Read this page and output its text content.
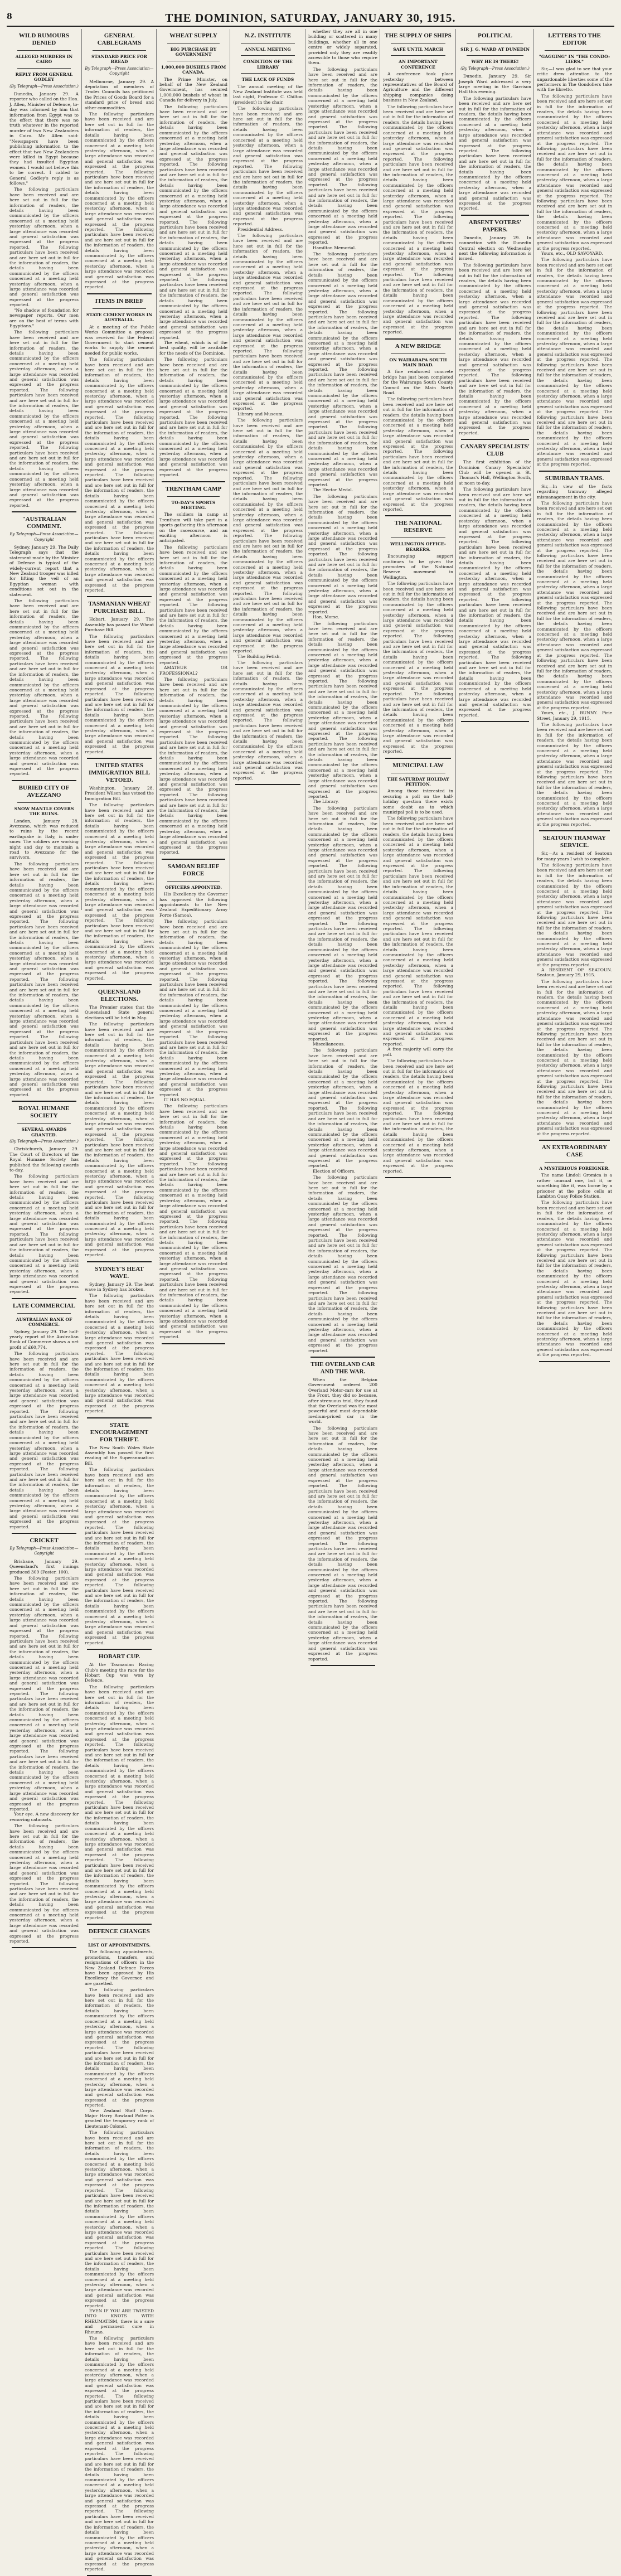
8	THE DOMINION, SATURDAY, JANUARY 30, 1915.
WILD RUMOURS DENIED
ALLEGED MURDERS IN CAIRO
REPLY FROM GENERAL GODLEY
(By Telegraph—Press Association.)

Dunedin, January 29. A reporter who called on the Hon. J. Allen, Minister of Defence, to-day was informed by him that information from Egypt was to the effect that there was no truth whatever in the reported murder of two New Zealanders in Cairo. Mr. Allen said: "Newspapers have been publishing information to the effect that two New Zealanders were killed in Egypt because they had insulted Egyptian women. I would not believe this to be correct. I cabled to General Godley's reply is as follows."

The following particulars have been received and are here set out in full for the information of readers, the details having been communicated by the officers concerned at a meeting held yesterday afternoon, when a large attendance was recorded and general satisfaction was expressed at the progress reported. The following particulars have been received and are here set out in full for the information of readers, the details having been communicated by the officers concerned at a meeting held yesterday afternoon, when a large attendance was recorded and general satisfaction was expressed at the progress reported.

"No shadow of foundation for newspaper reports. Our men are on the best of terms with Egyptians."

The following particulars have been received and are here set out in full for the information of readers, the details having been communicated by the officers concerned at a meeting held yesterday afternoon, when a large attendance was recorded and general satisfaction was expressed at the progress reported. The following particulars have been received and are here set out in full for the information of readers, the details having been communicated by the officers concerned at a meeting held yesterday afternoon, when a large attendance was recorded and general satisfaction was expressed at the progress reported. The following particulars have been received and are here set out in full for the information of readers, the details having been communicated by the officers concerned at a meeting held yesterday afternoon, when a large attendance was recorded and general satisfaction was expressed at the progress reported.

"AUSTRALIAN COMMENT.
By Telegraph—Press Association—Copyright

Sydney, January 29. The Daily Telegraph says that the statement made by the Minister of Defence is typical of the widely-current report that a New Zealand trooper was killed for lifting the veil of an Egyptian woman with conditions set out in the statement.

The following particulars have been received and are here set out in full for the information of readers, the details having been communicated by the officers concerned at a meeting held yesterday afternoon, when a large attendance was recorded and general satisfaction was expressed at the progress reported. The following particulars have been received and are here set out in full for the information of readers, the details having been communicated by the officers concerned at a meeting held yesterday afternoon, when a large attendance was recorded and general satisfaction was expressed at the progress reported. The following particulars have been received and are here set out in full for the information of readers, the details having been communicated by the officers concerned at a meeting held yesterday afternoon, when a large attendance was recorded and general satisfaction was expressed at the progress reported.

BURIED CITY OF AVEZZANO
SNOW MANTLE COVERS THE RUINS.

London, January 28. Avezzano, which was reduced to ruins by the recent earthquake in Italy, is under snow. The soldiers are working night and day to maintain a road to Avezzano for the survivors.

The following particulars have been received and are here set out in full for the information of readers, the details having been communicated by the officers concerned at a meeting held yesterday afternoon, when a large attendance was recorded and general satisfaction was expressed at the progress reported. The following particulars have been received and are here set out in full for the information of readers, the details having been communicated by the officers concerned at a meeting held yesterday afternoon, when a large attendance was recorded and general satisfaction was expressed at the progress reported. The following particulars have been received and are here set out in full for the information of readers, the details having been communicated by the officers concerned at a meeting held yesterday afternoon, when a large attendance was recorded and general satisfaction was expressed at the progress reported. The following particulars have been received and are here set out in full for the information of readers, the details having been communicated by the officers concerned at a meeting held yesterday afternoon, when a large attendance was recorded and general satisfaction was expressed at the progress reported.

ROYAL HUMANE SOCIETY
SEVERAL AWARDS GRANTED.
(By Telegraph—Press Association.)

Christchurch, January 29. The Court of Directors of the Royal Humane Society has published the following awards to-day.

The following particulars have been received and are here set out in full for the information of readers, the details having been communicated by the officers concerned at a meeting held yesterday afternoon, when a large attendance was recorded and general satisfaction was expressed at the progress reported. The following particulars have been received and are here set out in full for the information of readers, the details having been communicated by the officers concerned at a meeting held yesterday afternoon, when a large attendance was recorded and general satisfaction was expressed at the progress reported.

LATE COMMERCIAL
AUSTRALIAN BANK OF COMMERCE.

Sydney, January 29. The half-yearly report of the Australian Bank of Commerce shows a net profit of £60,774.

The following particulars have been received and are here set out in full for the information of readers, the details having been communicated by the officers concerned at a meeting held yesterday afternoon, when a large attendance was recorded and general satisfaction was expressed at the progress reported. The following particulars have been received and are here set out in full for the information of readers, the details having been communicated by the officers concerned at a meeting held yesterday afternoon, when a large attendance was recorded and general satisfaction was expressed at the progress reported. The following particulars have been received and are here set out in full for the information of readers, the details having been communicated by the officers concerned at a meeting held yesterday afternoon, when a large attendance was recorded and general satisfaction was expressed at the progress reported.

CRICKET
By Telegraph—Press Association—Copyright

Brisbane, January 29. Queensland's first innings produced 309 (Foster, 100).

The following particulars have been received and are here set out in full for the information of readers, the details having been communicated by the officers concerned at a meeting held yesterday afternoon, when a large attendance was recorded and general satisfaction was expressed at the progress reported. The following particulars have been received and are here set out in full for the information of readers, the details having been communicated by the officers concerned at a meeting held yesterday afternoon, when a large attendance was recorded and general satisfaction was expressed at the progress reported. The following particulars have been received and are here set out in full for the information of readers, the details having been communicated by the officers concerned at a meeting held yesterday afternoon, when a large attendance was recorded and general satisfaction was expressed at the progress reported. The following particulars have been received and are here set out in full for the information of readers, the details having been communicated by the officers concerned at a meeting held yesterday afternoon, when a large attendance was recorded and general satisfaction was expressed at the progress reported.

Your eye. A new discovery for removing cataracts.

The following particulars have been received and are here set out in full for the information of readers, the details having been communicated by the officers concerned at a meeting held yesterday afternoon, when a large attendance was recorded and general satisfaction was expressed at the progress reported. The following particulars have been received and are here set out in full for the information of readers, the details having been communicated by the officers concerned at a meeting held yesterday afternoon, when a large attendance was recorded and general satisfaction was expressed at the progress reported.

GENERAL CABLEGRAMS
STANDARD PRICE FOR BREAD
By Telegraph—Press Association—Copyright

Melbourne, January 29. A deputation of members of Trades Councils has petitioned the Prices of Goods Board for a standard price of bread and other commodities.

The following particulars have been received and are here set out in full for the information of readers, the details having been communicated by the officers concerned at a meeting held yesterday afternoon, when a large attendance was recorded and general satisfaction was expressed at the progress reported. The following particulars have been received and are here set out in full for the information of readers, the details having been communicated by the officers concerned at a meeting held yesterday afternoon, when a large attendance was recorded and general satisfaction was expressed at the progress reported. The following particulars have been received and are here set out in full for the information of readers, the details having been communicated by the officers concerned at a meeting held yesterday afternoon, when a large attendance was recorded and general satisfaction was expressed at the progress reported.

ITEMS IN BRIEF
STATE CEMENT WORKS IN AUSTRALIA.

At a meeting of the Public Works Committee a proposal was received for the Federal Government to start cement works to supply the cement needed for public works.

The following particulars have been received and are here set out in full for the information of readers, the details having been communicated by the officers concerned at a meeting held yesterday afternoon, when a large attendance was recorded and general satisfaction was expressed at the progress reported. The following particulars have been received and are here set out in full for the information of readers, the details having been communicated by the officers concerned at a meeting held yesterday afternoon, when a large attendance was recorded and general satisfaction was expressed at the progress reported. The following particulars have been received and are here set out in full for the information of readers, the details having been communicated by the officers concerned at a meeting held yesterday afternoon, when a large attendance was recorded and general satisfaction was expressed at the progress reported. The following particulars have been received and are here set out in full for the information of readers, the details having been communicated by the officers concerned at a meeting held yesterday afternoon, when a large attendance was recorded and general satisfaction was expressed at the progress reported.

TASMANIAN WHEAT PURCHASE BILL.

Hobart, January 29. The Assembly has passed the Wheat Purchase Bill.

The following particulars have been received and are here set out in full for the information of readers, the details having been communicated by the officers concerned at a meeting held yesterday afternoon, when a large attendance was recorded and general satisfaction was expressed at the progress reported. The following particulars have been received and are here set out in full for the information of readers, the details having been communicated by the officers concerned at a meeting held yesterday afternoon, when a large attendance was recorded and general satisfaction was expressed at the progress reported.

UNITED STATES IMMIGRATION BILL VETOED.

Washington, January 28. President Wilson has vetoed the Immigration Bill.

The following particulars have been received and are here set out in full for the information of readers, the details having been communicated by the officers concerned at a meeting held yesterday afternoon, when a large attendance was recorded and general satisfaction was expressed at the progress reported. The following particulars have been received and are here set out in full for the information of readers, the details having been communicated by the officers concerned at a meeting held yesterday afternoon, when a large attendance was recorded and general satisfaction was expressed at the progress reported. The following particulars have been received and are here set out in full for the information of readers, the details having been communicated by the officers concerned at a meeting held yesterday afternoon, when a large attendance was recorded and general satisfaction was expressed at the progress reported.

QUEENSLAND ELECTIONS.

The Premier states that the Queensland State general elections will be held in May.

The following particulars have been received and are here set out in full for the information of readers, the details having been communicated by the officers concerned at a meeting held yesterday afternoon, when a large attendance was recorded and general satisfaction was expressed at the progress reported. The following particulars have been received and are here set out in full for the information of readers, the details having been communicated by the officers concerned at a meeting held yesterday afternoon, when a large attendance was recorded and general satisfaction was expressed at the progress reported. The following particulars have been received and are here set out in full for the information of readers, the details having been communicated by the officers concerned at a meeting held yesterday afternoon, when a large attendance was recorded and general satisfaction was expressed at the progress reported. The following particulars have been received and are here set out in full for the information of readers, the details having been communicated by the officers concerned at a meeting held yesterday afternoon, when a large attendance was recorded and general satisfaction was expressed at the progress reported.

SYDNEY'S HEAT WAVE.

Sydney, January 29. The heat wave in Sydney has broken.

The following particulars have been received and are here set out in full for the information of readers, the details having been communicated by the officers concerned at a meeting held yesterday afternoon, when a large attendance was recorded and general satisfaction was expressed at the progress reported. The following particulars have been received and are here set out in full for the information of readers, the details having been communicated by the officers concerned at a meeting held yesterday afternoon, when a large attendance was recorded and general satisfaction was expressed at the progress reported.

STATE ENCOURAGEMENT FOR THRIFT.

The New South Wales State Assembly has passed the first reading of the Superannuation Bill.

The following particulars have been received and are here set out in full for the information of readers, the details having been communicated by the officers concerned at a meeting held yesterday afternoon, when a large attendance was recorded and general satisfaction was expressed at the progress reported. The following particulars have been received and are here set out in full for the information of readers, the details having been communicated by the officers concerned at a meeting held yesterday afternoon, when a large attendance was recorded and general satisfaction was expressed at the progress reported. The following particulars have been received and are here set out in full for the information of readers, the details having been communicated by the officers concerned at a meeting held yesterday afternoon, when a large attendance was recorded and general satisfaction was expressed at the progress reported.

HOBART CUP.

At the Tasmanian Racing Club's meeting the race for the Hobart Cup was won by Defence.

The following particulars have been received and are here set out in full for the information of readers, the details having been communicated by the officers concerned at a meeting held yesterday afternoon, when a large attendance was recorded and general satisfaction was expressed at the progress reported. The following particulars have been received and are here set out in full for the information of readers, the details having been communicated by the officers concerned at a meeting held yesterday afternoon, when a large attendance was recorded and general satisfaction was expressed at the progress reported. The following particulars have been received and are here set out in full for the information of readers, the details having been communicated by the officers concerned at a meeting held yesterday afternoon, when a large attendance was recorded and general satisfaction was expressed at the progress reported. The following particulars have been received and are here set out in full for the information of readers, the details having been communicated by the officers concerned at a meeting held yesterday afternoon, when a large attendance was recorded and general satisfaction was expressed at the progress reported.

DEFENCE CHANGES
LIST OF APPOINTMENTS.

The following appointments, promotions, transfers, and resignations of officers in the New Zealand Defence Forces have been approved by His Excellency the Governor, and are gazetted.

The following particulars have been received and are here set out in full for the information of readers, the details having been communicated by the officers concerned at a meeting held yesterday afternoon, when a large attendance was recorded and general satisfaction was expressed at the progress reported. The following particulars have been received and are here set out in full for the information of readers, the details having been communicated by the officers concerned at a meeting held yesterday afternoon, when a large attendance was recorded and general satisfaction was expressed at the progress reported.

New Zealand Staff Corps. Major Harry Rowland Potter is granted the temporary rank of Lieutenant-Colonel.

The following particulars have been received and are here set out in full for the information of readers, the details having been communicated by the officers concerned at a meeting held yesterday afternoon, when a large attendance was recorded and general satisfaction was expressed at the progress reported. The following particulars have been received and are here set out in full for the information of readers, the details having been communicated by the officers concerned at a meeting held yesterday afternoon, when a large attendance was recorded and general satisfaction was expressed at the progress reported. The following particulars have been received and are here set out in full for the information of readers, the details having been communicated by the officers concerned at a meeting held yesterday afternoon, when a large attendance was recorded and general satisfaction was expressed at the progress reported.

EVEN IF YOU ARE TWISTED INTO KNOTS WITH RHEUMATISM, there is a sure and permanent cure in Rheumo.

The following particulars have been received and are here set out in full for the information of readers, the details having been communicated by the officers concerned at a meeting held yesterday afternoon, when a large attendance was recorded and general satisfaction was expressed at the progress reported. The following particulars have been received and are here set out in full for the information of readers, the details having been communicated by the officers concerned at a meeting held yesterday afternoon, when a large attendance was recorded and general satisfaction was expressed at the progress reported. The following particulars have been received and are here set out in full for the information of readers, the details having been communicated by the officers concerned at a meeting held yesterday afternoon, when a large attendance was recorded and general satisfaction was expressed at the progress reported. The following particulars have been received and are here set out in full for the information of readers, the details having been communicated by the officers concerned at a meeting held yesterday afternoon, when a large attendance was recorded and general satisfaction was expressed at the progress reported.

WHEAT SUPPLY
BIG PURCHASE BY GOVERNMENT
1,000,000 BUSHELS FROM CANADA.

The Prime Minister, on behalf of the New Zealand Government, has secured 1,000,000 bushels of wheat in Canada for delivery in July.

The following particulars have been received and are here set out in full for the information of readers, the details having been communicated by the officers concerned at a meeting held yesterday afternoon, when a large attendance was recorded and general satisfaction was expressed at the progress reported. The following particulars have been received and are here set out in full for the information of readers, the details having been communicated by the officers concerned at a meeting held yesterday afternoon, when a large attendance was recorded and general satisfaction was expressed at the progress reported. The following particulars have been received and are here set out in full for the information of readers, the details having been communicated by the officers concerned at a meeting held yesterday afternoon, when a large attendance was recorded and general satisfaction was expressed at the progress reported. The following particulars have been received and are here set out in full for the information of readers, the details having been communicated by the officers concerned at a meeting held yesterday afternoon, when a large attendance was recorded and general satisfaction was expressed at the progress reported.

The wheat, which is of the best quality, will be available for the needs of the Dominion.

The following particulars have been received and are here set out in full for the information of readers, the details having been communicated by the officers concerned at a meeting held yesterday afternoon, when a large attendance was recorded and general satisfaction was expressed at the progress reported. The following particulars have been received and are here set out in full for the information of readers, the details having been communicated by the officers concerned at a meeting held yesterday afternoon, when a large attendance was recorded and general satisfaction was expressed at the progress reported.

TRENTHAM CAMP
TO-DAY'S SPORTS MEETING.

The soldiers in camp at Trentham will take part in a sports gathering this afternoon on the racecourse, and an exciting afternoon is anticipated.

The following particulars have been received and are here set out in full for the information of readers, the details having been communicated by the officers concerned at a meeting held yesterday afternoon, when a large attendance was recorded and general satisfaction was expressed at the progress reported. The following particulars have been received and are here set out in full for the information of readers, the details having been communicated by the officers concerned at a meeting held yesterday afternoon, when a large attendance was recorded and general satisfaction was expressed at the progress reported.

AMATEUR OR PROFESSIONAL?

The following particulars have been received and are here set out in full for the information of readers, the details having been communicated by the officers concerned at a meeting held yesterday afternoon, when a large attendance was recorded and general satisfaction was expressed at the progress reported. The following particulars have been received and are here set out in full for the information of readers, the details having been communicated by the officers concerned at a meeting held yesterday afternoon, when a large attendance was recorded and general satisfaction was expressed at the progress reported. The following particulars have been received and are here set out in full for the information of readers, the details having been communicated by the officers concerned at a meeting held yesterday afternoon, when a large attendance was recorded and general satisfaction was expressed at the progress reported.

SAMOAN RELIEF FORCE
OFFICERS APPOINTED.

His Excellency the Governor has approved the following appointments to the New Zealand Expeditionary Army Force (Samoa).

The following particulars have been received and are here set out in full for the information of readers, the details having been communicated by the officers concerned at a meeting held yesterday afternoon, when a large attendance was recorded and general satisfaction was expressed at the progress reported. The following particulars have been received and are here set out in full for the information of readers, the details having been communicated by the officers concerned at a meeting held yesterday afternoon, when a large attendance was recorded and general satisfaction was expressed at the progress reported. The following particulars have been received and are here set out in full for the information of readers, the details having been communicated by the officers concerned at a meeting held yesterday afternoon, when a large attendance was recorded and general satisfaction was expressed at the progress reported.

IT HAS NO EQUAL.

The following particulars have been received and are here set out in full for the information of readers, the details having been communicated by the officers concerned at a meeting held yesterday afternoon, when a large attendance was recorded and general satisfaction was expressed at the progress reported. The following particulars have been received and are here set out in full for the information of readers, the details having been communicated by the officers concerned at a meeting held yesterday afternoon, when a large attendance was recorded and general satisfaction was expressed at the progress reported. The following particulars have been received and are here set out in full for the information of readers, the details having been communicated by the officers concerned at a meeting held yesterday afternoon, when a large attendance was recorded and general satisfaction was expressed at the progress reported. The following particulars have been received and are here set out in full for the information of readers, the details having been communicated by the officers concerned at a meeting held yesterday afternoon, when a large attendance was recorded and general satisfaction was expressed at the progress reported.

N.Z. INSTITUTE
ANNUAL MEETING
CONDITION OF THE LIBRARY
THE LACK OF FUNDS

The annual meeting of the New Zealand Institute was held last night, Professor C. Chilton (president) in the chair.

The following particulars have been received and are here set out in full for the information of readers, the details having been communicated by the officers concerned at a meeting held yesterday afternoon, when a large attendance was recorded and general satisfaction was expressed at the progress reported. The following particulars have been received and are here set out in full for the information of readers, the details having been communicated by the officers concerned at a meeting held yesterday afternoon, when a large attendance was recorded and general satisfaction was expressed at the progress reported.

Presidential Address.

The following particulars have been received and are here set out in full for the information of readers, the details having been communicated by the officers concerned at a meeting held yesterday afternoon, when a large attendance was recorded and general satisfaction was expressed at the progress reported. The following particulars have been received and are here set out in full for the information of readers, the details having been communicated by the officers concerned at a meeting held yesterday afternoon, when a large attendance was recorded and general satisfaction was expressed at the progress reported. The following particulars have been received and are here set out in full for the information of readers, the details having been communicated by the officers concerned at a meeting held yesterday afternoon, when a large attendance was recorded and general satisfaction was expressed at the progress reported.

Library and Museum.

The following particulars have been received and are here set out in full for the information of readers, the details having been communicated by the officers concerned at a meeting held yesterday afternoon, when a large attendance was recorded and general satisfaction was expressed at the progress reported. The following particulars have been received and are here set out in full for the information of readers, the details having been communicated by the officers concerned at a meeting held yesterday afternoon, when a large attendance was recorded and general satisfaction was expressed at the progress reported. The following particulars have been received and are here set out in full for the information of readers, the details having been communicated by the officers concerned at a meeting held yesterday afternoon, when a large attendance was recorded and general satisfaction was expressed at the progress reported. The following particulars have been received and are here set out in full for the information of readers, the details having been communicated by the officers concerned at a meeting held yesterday afternoon, when a large attendance was recorded and general satisfaction was expressed at the progress reported.

The Building Fetish.

The following particulars have been received and are here set out in full for the information of readers, the details having been communicated by the officers concerned at a meeting held yesterday afternoon, when a large attendance was recorded and general satisfaction was expressed at the progress reported. The following particulars have been received and are here set out in full for the information of readers, the details having been communicated by the officers concerned at a meeting held yesterday afternoon, when a large attendance was recorded and general satisfaction was expressed at the progress reported.

whether they are all in one building or scattered in many buildings, whether all in one centre or widely separated, provided only they are readily accessible to those who require them.

The following particulars have been received and are here set out in full for the information of readers, the details having been communicated by the officers concerned at a meeting held yesterday afternoon, when a large attendance was recorded and general satisfaction was expressed at the progress reported. The following particulars have been received and are here set out in full for the information of readers, the details having been communicated by the officers concerned at a meeting held yesterday afternoon, when a large attendance was recorded and general satisfaction was expressed at the progress reported. The following particulars have been received and are here set out in full for the information of readers, the details having been communicated by the officers concerned at a meeting held yesterday afternoon, when a large attendance was recorded and general satisfaction was expressed at the progress reported.

Hamilton Memorial.

The following particulars have been received and are here set out in full for the information of readers, the details having been communicated by the officers concerned at a meeting held yesterday afternoon, when a large attendance was recorded and general satisfaction was expressed at the progress reported. The following particulars have been received and are here set out in full for the information of readers, the details having been communicated by the officers concerned at a meeting held yesterday afternoon, when a large attendance was recorded and general satisfaction was expressed at the progress reported. The following particulars have been received and are here set out in full for the information of readers, the details having been communicated by the officers concerned at a meeting held yesterday afternoon, when a large attendance was recorded and general satisfaction was expressed at the progress reported. The following particulars have been received and are here set out in full for the information of readers, the details having been communicated by the officers concerned at a meeting held yesterday afternoon, when a large attendance was recorded and general satisfaction was expressed at the progress reported.

The Hector Medal.

The following particulars have been received and are here set out in full for the information of readers, the details having been communicated by the officers concerned at a meeting held yesterday afternoon, when a large attendance was recorded and general satisfaction was expressed at the progress reported. The following particulars have been received and are here set out in full for the information of readers, the details having been communicated by the officers concerned at a meeting held yesterday afternoon, when a large attendance was recorded and general satisfaction was expressed at the progress reported.

Hon. Morse.

The following particulars have been received and are here set out in full for the information of readers, the details having been communicated by the officers concerned at a meeting held yesterday afternoon, when a large attendance was recorded and general satisfaction was expressed at the progress reported. The following particulars have been received and are here set out in full for the information of readers, the details having been communicated by the officers concerned at a meeting held yesterday afternoon, when a large attendance was recorded and general satisfaction was expressed at the progress reported. The following particulars have been received and are here set out in full for the information of readers, the details having been communicated by the officers concerned at a meeting held yesterday afternoon, when a large attendance was recorded and general satisfaction was expressed at the progress reported.

The Library.

The following particulars have been received and are here set out in full for the information of readers, the details having been communicated by the officers concerned at a meeting held yesterday afternoon, when a large attendance was recorded and general satisfaction was expressed at the progress reported. The following particulars have been received and are here set out in full for the information of readers, the details having been communicated by the officers concerned at a meeting held yesterday afternoon, when a large attendance was recorded and general satisfaction was expressed at the progress reported. The following particulars have been received and are here set out in full for the information of readers, the details having been communicated by the officers concerned at a meeting held yesterday afternoon, when a large attendance was recorded and general satisfaction was expressed at the progress reported. The following particulars have been received and are here set out in full for the information of readers, the details having been communicated by the officers concerned at a meeting held yesterday afternoon, when a large attendance was recorded and general satisfaction was expressed at the progress reported.

Miscellaneous.

The following particulars have been received and are here set out in full for the information of readers, the details having been communicated by the officers concerned at a meeting held yesterday afternoon, when a large attendance was recorded and general satisfaction was expressed at the progress reported. The following particulars have been received and are here set out in full for the information of readers, the details having been communicated by the officers concerned at a meeting held yesterday afternoon, when a large attendance was recorded and general satisfaction was expressed at the progress reported.

Election of Officers.

The following particulars have been received and are here set out in full for the information of readers, the details having been communicated by the officers concerned at a meeting held yesterday afternoon, when a large attendance was recorded and general satisfaction was expressed at the progress reported. The following particulars have been received and are here set out in full for the information of readers, the details having been communicated by the officers concerned at a meeting held yesterday afternoon, when a large attendance was recorded and general satisfaction was expressed at the progress reported. The following particulars have been received and are here set out in full for the information of readers, the details having been communicated by the officers concerned at a meeting held yesterday afternoon, when a large attendance was recorded and general satisfaction was expressed at the progress reported.

THE OVERLAND CAR AND THE WAR.

When the Belgian Government ordered 200 Overland Motor-cars for use at the Front, they did so because, after strenuous trial, they found that the Overland was the most powerful and most dependable medium-priced car in the world.

The following particulars have been received and are here set out in full for the information of readers, the details having been communicated by the officers concerned at a meeting held yesterday afternoon, when a large attendance was recorded and general satisfaction was expressed at the progress reported. The following particulars have been received and are here set out in full for the information of readers, the details having been communicated by the officers concerned at a meeting held yesterday afternoon, when a large attendance was recorded and general satisfaction was expressed at the progress reported. The following particulars have been received and are here set out in full for the information of readers, the details having been communicated by the officers concerned at a meeting held yesterday afternoon, when a large attendance was recorded and general satisfaction was expressed at the progress reported. The following particulars have been received and are here set out in full for the information of readers, the details having been communicated by the officers concerned at a meeting held yesterday afternoon, when a large attendance was recorded and general satisfaction was expressed at the progress reported.

THE SUPPLY OF SHIPS
SAFE UNTIL MARCH
AN IMPORTANT CONFERENCE

A conference took place yesterday between representatives of the Board of Agriculture and the different shipping companies doing business in New Zealand.

The following particulars have been received and are here set out in full for the information of readers, the details having been communicated by the officers concerned at a meeting held yesterday afternoon, when a large attendance was recorded and general satisfaction was expressed at the progress reported. The following particulars have been received and are here set out in full for the information of readers, the details having been communicated by the officers concerned at a meeting held yesterday afternoon, when a large attendance was recorded and general satisfaction was expressed at the progress reported. The following particulars have been received and are here set out in full for the information of readers, the details having been communicated by the officers concerned at a meeting held yesterday afternoon, when a large attendance was recorded and general satisfaction was expressed at the progress reported. The following particulars have been received and are here set out in full for the information of readers, the details having been communicated by the officers concerned at a meeting held yesterday afternoon, when a large attendance was recorded and general satisfaction was expressed at the progress reported.

A NEW BRIDGE
ON WAIRARAPA SOUTH MAIN ROAD.

A fine reinforced concrete bridge has just been completed for the Wairarapa South County Council on the Main North Road.

The following particulars have been received and are here set out in full for the information of readers, the details having been communicated by the officers concerned at a meeting held yesterday afternoon, when a large attendance was recorded and general satisfaction was expressed at the progress reported. The following particulars have been received and are here set out in full for the information of readers, the details having been communicated by the officers concerned at a meeting held yesterday afternoon, when a large attendance was recorded and general satisfaction was expressed at the progress reported.

THE NATIONAL RESERVE
WELLINGTON OFFICE-BEARERS.

Encouraging support continues to be given the promoters of the National Reserve movement in Wellington.

The following particulars have been received and are here set out in full for the information of readers, the details having been communicated by the officers concerned at a meeting held yesterday afternoon, when a large attendance was recorded and general satisfaction was expressed at the progress reported. The following particulars have been received and are here set out in full for the information of readers, the details having been communicated by the officers concerned at a meeting held yesterday afternoon, when a large attendance was recorded and general satisfaction was expressed at the progress reported. The following particulars have been received and are here set out in full for the information of readers, the details having been communicated by the officers concerned at a meeting held yesterday afternoon, when a large attendance was recorded and general satisfaction was expressed at the progress reported.

MUNICIPAL LAW
THE SATURDAY HOLIDAY PETITION.

Among those interested in securing a poll on the half-holiday question there exists some doubt as to which municipal poll is to be used.

The following particulars have been received and are here set out in full for the information of readers, the details having been communicated by the officers concerned at a meeting held yesterday afternoon, when a large attendance was recorded and general satisfaction was expressed at the progress reported. The following particulars have been received and are here set out in full for the information of readers, the details having been communicated by the officers concerned at a meeting held yesterday afternoon, when a large attendance was recorded and general satisfaction was expressed at the progress reported. The following particulars have been received and are here set out in full for the information of readers, the details having been communicated by the officers concerned at a meeting held yesterday afternoon, when a large attendance was recorded and general satisfaction was expressed at the progress reported. The following particulars have been received and are here set out in full for the information of readers, the details having been communicated by the officers concerned at a meeting held yesterday afternoon, when a large attendance was recorded and general satisfaction was expressed at the progress reported.

A free majority will carry the poll.

The following particulars have been received and are here set out in full for the information of readers, the details having been communicated by the officers concerned at a meeting held yesterday afternoon, when a large attendance was recorded and general satisfaction was expressed at the progress reported. The following particulars have been received and are here set out in full for the information of readers, the details having been communicated by the officers concerned at a meeting held yesterday afternoon, when a large attendance was recorded and general satisfaction was expressed at the progress reported.

POLITICAL
SIR J. G. WARD AT DUNEDIN
WHY HE IS THERE!
(By Telegraph—Press Association.)

Dunedin, January 29. Sir Joseph Ward addressed a very large meeting in the Garrison Hall this evening.

The following particulars have been received and are here set out in full for the information of readers, the details having been communicated by the officers concerned at a meeting held yesterday afternoon, when a large attendance was recorded and general satisfaction was expressed at the progress reported. The following particulars have been received and are here set out in full for the information of readers, the details having been communicated by the officers concerned at a meeting held yesterday afternoon, when a large attendance was recorded and general satisfaction was expressed at the progress reported.

ABSENT VOTERS' PAPERS.

Dunedin, January 29. In connection with the Dunedin Central election on Wednesday next the following information is issued.

The following particulars have been received and are here set out in full for the information of readers, the details having been communicated by the officers concerned at a meeting held yesterday afternoon, when a large attendance was recorded and general satisfaction was expressed at the progress reported. The following particulars have been received and are here set out in full for the information of readers, the details having been communicated by the officers concerned at a meeting held yesterday afternoon, when a large attendance was recorded and general satisfaction was expressed at the progress reported. The following particulars have been received and are here set out in full for the information of readers, the details having been communicated by the officers concerned at a meeting held yesterday afternoon, when a large attendance was recorded and general satisfaction was expressed at the progress reported.

CANARY SPECIALISTS' CLUB

The first exhibition of the Dominion Canary Specialists' Club will be opened in St. Thomas's Hall, Wellington South, at noon to-day.

The following particulars have been received and are here set out in full for the information of readers, the details having been communicated by the officers concerned at a meeting held yesterday afternoon, when a large attendance was recorded and general satisfaction was expressed at the progress reported. The following particulars have been received and are here set out in full for the information of readers, the details having been communicated by the officers concerned at a meeting held yesterday afternoon, when a large attendance was recorded and general satisfaction was expressed at the progress reported. The following particulars have been received and are here set out in full for the information of readers, the details having been communicated by the officers concerned at a meeting held yesterday afternoon, when a large attendance was recorded and general satisfaction was expressed at the progress reported. The following particulars have been received and are here set out in full for the information of readers, the details having been communicated by the officers concerned at a meeting held yesterday afternoon, when a large attendance was recorded and general satisfaction was expressed at the progress reported.

LETTERS TO THE EDITOR
"GAGGING" IN "THE CONDO-LIERS."

Sir,—I was glad to see that your critic drew attention to the unpardonable liberties some of the performers in The Gondoliers take with the libretto.

The following particulars have been received and are here set out in full for the information of readers, the details having been communicated by the officers concerned at a meeting held yesterday afternoon, when a large attendance was recorded and general satisfaction was expressed at the progress reported. The following particulars have been received and are here set out in full for the information of readers, the details having been communicated by the officers concerned at a meeting held yesterday afternoon, when a large attendance was recorded and general satisfaction was expressed at the progress reported. The following particulars have been received and are here set out in full for the information of readers, the details having been communicated by the officers concerned at a meeting held yesterday afternoon, when a large attendance was recorded and general satisfaction was expressed at the progress reported.

Yours, etc., OLD SAVOYARD.

The following particulars have been received and are here set out in full for the information of readers, the details having been communicated by the officers concerned at a meeting held yesterday afternoon, when a large attendance was recorded and general satisfaction was expressed at the progress reported. The following particulars have been received and are here set out in full for the information of readers, the details having been communicated by the officers concerned at a meeting held yesterday afternoon, when a large attendance was recorded and general satisfaction was expressed at the progress reported. The following particulars have been received and are here set out in full for the information of readers, the details having been communicated by the officers concerned at a meeting held yesterday afternoon, when a large attendance was recorded and general satisfaction was expressed at the progress reported. The following particulars have been received and are here set out in full for the information of readers, the details having been communicated by the officers concerned at a meeting held yesterday afternoon, when a large attendance was recorded and general satisfaction was expressed at the progress reported.

SUBURBAN TRAMS.

Sir,—In view of the facts regarding tramway alleged mismanagement in the city.

The following particulars have been received and are here set out in full for the information of readers, the details having been communicated by the officers concerned at a meeting held yesterday afternoon, when a large attendance was recorded and general satisfaction was expressed at the progress reported. The following particulars have been received and are here set out in full for the information of readers, the details having been communicated by the officers concerned at a meeting held yesterday afternoon, when a large attendance was recorded and general satisfaction was expressed at the progress reported. The following particulars have been received and are here set out in full for the information of readers, the details having been communicated by the officers concerned at a meeting held yesterday afternoon, when a large attendance was recorded and general satisfaction was expressed at the progress reported. The following particulars have been received and are here set out in full for the information of readers, the details having been communicated by the officers concerned at a meeting held yesterday afternoon, when a large attendance was recorded and general satisfaction was expressed at the progress reported.

Yours, etc., J. BUNNY. Pirie Street, January 29, 1915.

The following particulars have been received and are here set out in full for the information of readers, the details having been communicated by the officers concerned at a meeting held yesterday afternoon, when a large attendance was recorded and general satisfaction was expressed at the progress reported. The following particulars have been received and are here set out in full for the information of readers, the details having been communicated by the officers concerned at a meeting held yesterday afternoon, when a large attendance was recorded and general satisfaction was expressed at the progress reported.

SEATOUN TRAMWAY SERVICE.

Sir,—As a resident of Seatoun for many years I wish to complain.

The following particulars have been received and are here set out in full for the information of readers, the details having been communicated by the officers concerned at a meeting held yesterday afternoon, when a large attendance was recorded and general satisfaction was expressed at the progress reported. The following particulars have been received and are here set out in full for the information of readers, the details having been communicated by the officers concerned at a meeting held yesterday afternoon, when a large attendance was recorded and general satisfaction was expressed at the progress reported.

A RESIDENT OF SEATOUN. Seatoun, January 29, 1915.

The following particulars have been received and are here set out in full for the information of readers, the details having been communicated by the officers concerned at a meeting held yesterday afternoon, when a large attendance was recorded and general satisfaction was expressed at the progress reported. The following particulars have been received and are here set out in full for the information of readers, the details having been communicated by the officers concerned at a meeting held yesterday afternoon, when a large attendance was recorded and general satisfaction was expressed at the progress reported. The following particulars have been received and are here set out in full for the information of readers, the details having been communicated by the officers concerned at a meeting held yesterday afternoon, when a large attendance was recorded and general satisfaction was expressed at the progress reported.

AN EXTRAORDINARY CASE
A MYSTERIOUS FOREIGNER.

The name Lindoli Gromica is a rather unusual one, but it, or something like it, was borne by a prisoner at the police cells at Lambton Quay Police Station.

The following particulars have been received and are here set out in full for the information of readers, the details having been communicated by the officers concerned at a meeting held yesterday afternoon, when a large attendance was recorded and general satisfaction was expressed at the progress reported. The following particulars have been received and are here set out in full for the information of readers, the details having been communicated by the officers concerned at a meeting held yesterday afternoon, when a large attendance was recorded and general satisfaction was expressed at the progress reported. The following particulars have been received and are here set out in full for the information of readers, the details having been communicated by the officers concerned at a meeting held yesterday afternoon, when a large attendance was recorded and general satisfaction was expressed at the progress reported.
